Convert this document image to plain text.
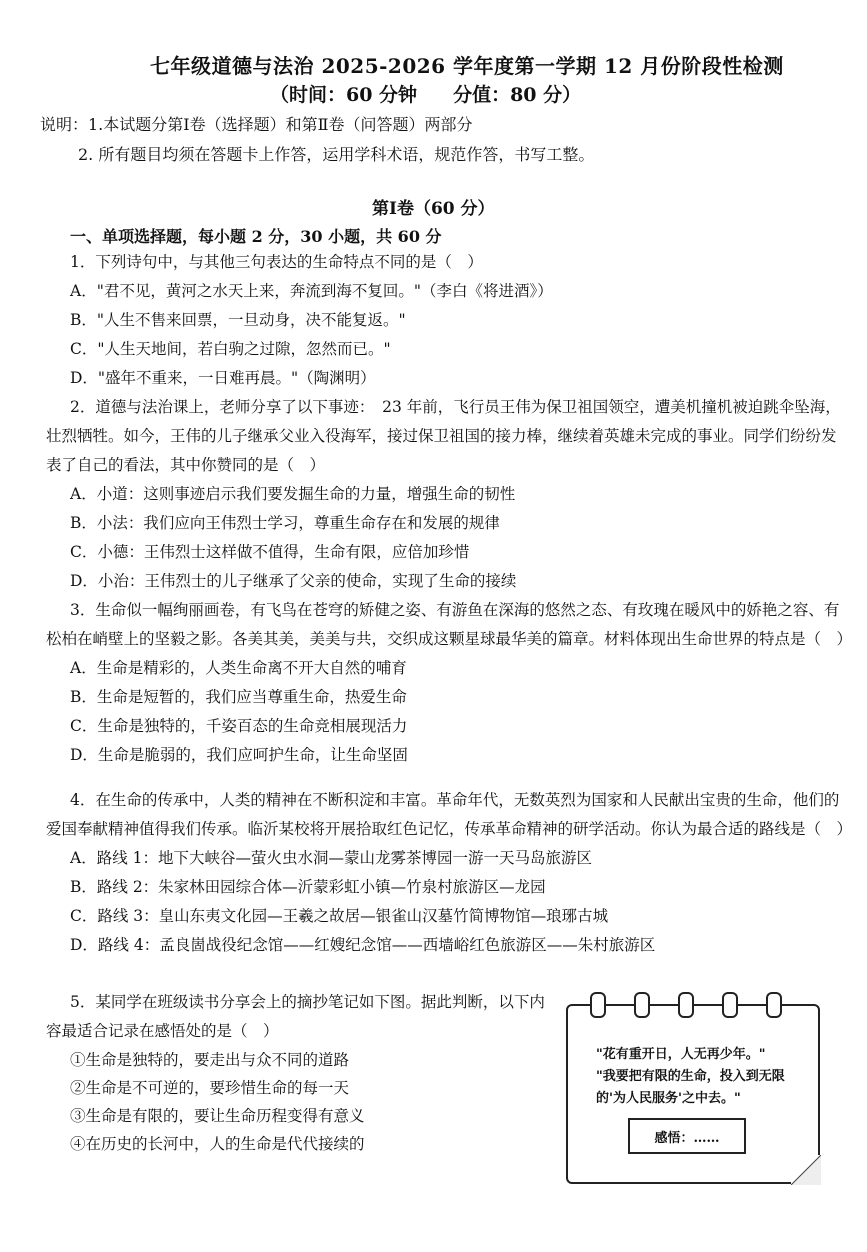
七年级道德与法治 2025-2026 学年度第一学期 12 月份阶段性检测
（时间：60 分钟 分值：80 分）
说明：1.本试题分第Ⅰ卷（选择题）和第Ⅱ卷（问答题）两部分
2. 所有题目均须在答题卡上作答，运用学科术语，规范作答，书写工整。
第Ⅰ卷（60 分）
一、单项选择题，每小题 2 分，30 小题，共 60 分

1．下列诗句中，与其他三句表达的生命特点不同的是（　）

A．"君不见，黄河之水天上来，奔流到海不复回。"（李白《将进酒》）

B．"人生不售来回票，一旦动身，决不能复返。"

C．"人生天地间，若白驹之过隙，忽然而已。"

D．"盛年不重来，一日难再晨。"（陶渊明）

2．道德与法治课上，老师分享了以下事迹：　23 年前，飞行员王伟为保卫祖国领空，遭美机撞机被迫跳伞坠海，壮烈牺牲。如今，王伟的儿子继承父业入役海军，接过保卫祖国的接力棒，继续着英雄未完成的事业。同学们纷纷发表了自己的看法，其中你赞同的是（　）

A．小道：这则事迹启示我们要发掘生命的力量，增强生命的韧性

B．小法：我们应向王伟烈士学习，尊重生命存在和发展的规律

C．小德：王伟烈士这样做不值得，生命有限，应倍加珍惜

D．小治：王伟烈士的儿子继承了父亲的使命，实现了生命的接续

3．生命似一幅绚丽画卷，有飞鸟在苍穹的矫健之姿、有游鱼在深海的悠然之态、有玫瑰在暖风中的娇艳之容、有松柏在峭壁上的坚毅之影。各美其美，美美与共，交织成这颗星球最华美的篇章。材料体现出生命世界的特点是（　）

A．生命是精彩的，人类生命离不开大自然的哺育

B．生命是短暂的，我们应当尊重生命，热爱生命

C．生命是独特的，千姿百态的生命竞相展现活力

D．生命是脆弱的，我们应呵护生命，让生命坚固

4．在生命的传承中，人类的精神在不断积淀和丰富。革命年代，无数英烈为国家和人民献出宝贵的生命，他们的爱国奉献精神值得我们传承。临沂某校将开展拾取红色记忆，传承革命精神的研学活动。你认为最合适的路线是（　）

A．路线 1：地下大峡谷—萤火虫水洞—蒙山龙雾茶博园一游一天马岛旅游区

B．路线 2：朱家林田园综合体—沂蒙彩虹小镇—竹泉村旅游区—龙园

C．路线 3：皇山东夷文化园—王羲之故居—银雀山汉墓竹简博物馆—琅琊古城

D．路线 4：孟良崮战役纪念馆——红嫂纪念馆——西墙峪红色旅游区——朱村旅游区

5．某同学在班级读书分享会上的摘抄笔记如下图。据此判断，以下内容最适合记录在感悟处的是（　）

①生命是独特的，要走出与众不同的道路

②生命是不可逆的，要珍惜生命的每一天

③生命是有限的，要让生命历程变得有意义

④在历史的长河中，人的生命是代代接续的

"花有重开日，人无再少年。"

"我要把有限的生命，投入到无限的'为人民服务'之中去。"

感悟：……
